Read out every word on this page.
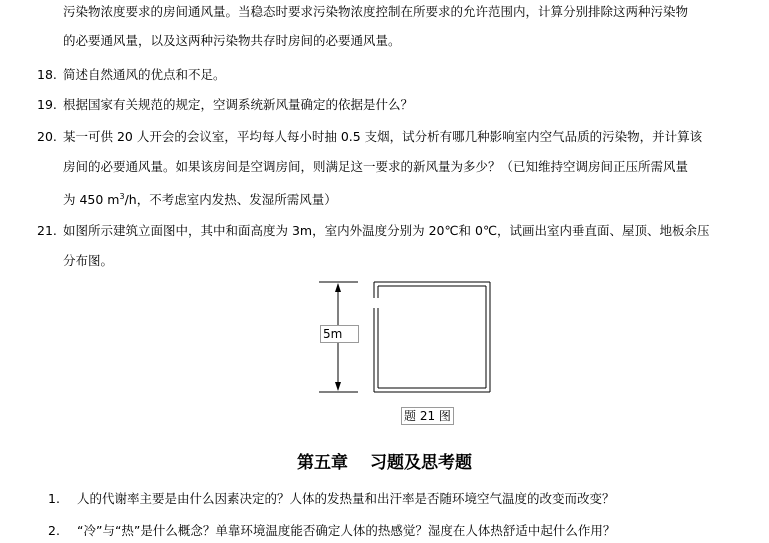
污染物浓度要求的房间通风量。当稳态时要求污染物浓度控制在所要求的允许范围内，计算分别排除这两种污染物
的必要通风量，以及这两种污染物共存时房间的必要通风量。
18. 简述自然通风的优点和不足。
19. 根据国家有关规范的规定，空调系统新风量确定的依据是什么？
20. 某一可供 20 人开会的会议室，平均每人每小时抽 0.5 支烟，试分析有哪几种影响室内空气品质的污染物，并计算该
房间的必要通风量。如果该房间是空调房间，则满足这一要求的新风量为多少？（已知维持空调房间正压所需风量
为 450 $m^3/h$，不考虑室内发热、发湿所需风量）
21. 如图所示建筑立面图中，其中和面高度为 3m，室内外温度分别为 20℃和 0℃，试画出室内垂直面、屋顶、地板余压
分布图。
5m
题 21 图
第五章 习题及思考题
1. 人的代谢率主要是由什么因素决定的？人体的发热量和出汗率是否随环境空气温度的改变而改变？
2. “冷”与“热”是什么概念？单靠环境温度能否确定人体的热感觉？湿度在人体热舒适中起什么作用？
